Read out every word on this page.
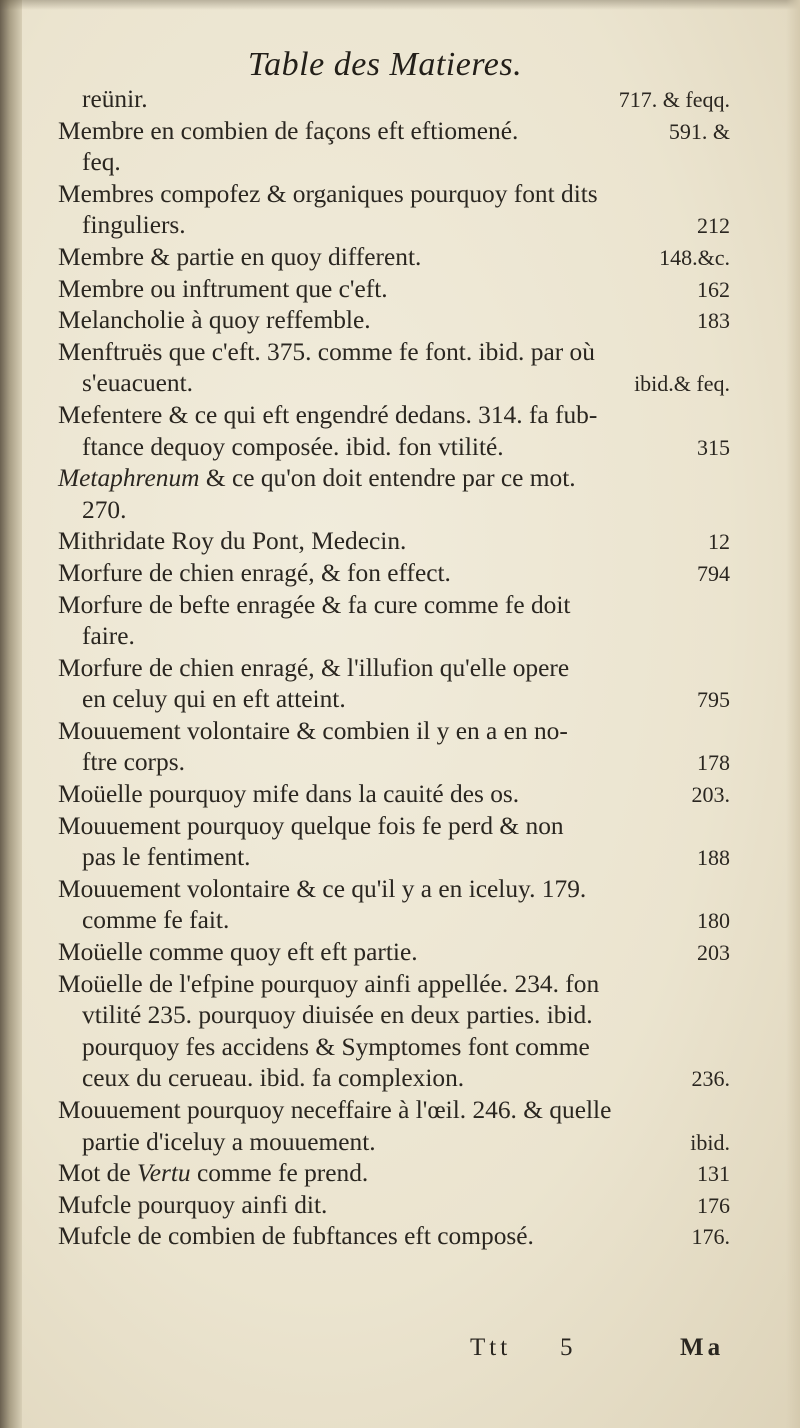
Table des Matieres.
reünir.	717. & feqq.
Membre en combien de façons eft eftiomené.	591. &
feq.
Membres compofez & organiques pourquoy font dits
finguliers.	212
Membre & partie en quoy different.	148.&c.
Membre ou inftrument que c'eft.	162
Melancholie à quoy reffemble.	183
Menftruës que c'eft. 375. comme fe font. ibid. par où
s'euacuent.	ibid.& feq.
Mefentere & ce qui eft engendré dedans. 314. fa fub-
ftance dequoy composée. ibid. fon vtilité.	315
Metaphrenum & ce qu'on doit entendre par ce mot.
270.
Mithridate Roy du Pont, Medecin.	12
Morfure de chien enragé, & fon effect.	794
Morfure de befte enragée & fa cure comme fe doit
faire.
Morfure de chien enragé, & l'illufion qu'elle opere
en celuy qui en eft atteint.	795
Mouuement volontaire & combien il y en a en no-
ftre corps.	178
Moüelle pourquoy mife dans la cauité des os.	203.
Mouuement pourquoy quelque fois fe perd & non
pas le fentiment.	188
Mouuement volontaire & ce qu'il y a en iceluy. 179.
comme fe fait.	180
Moüelle comme quoy eft eft partie.	203
Moüelle de l'efpine pourquoy ainfi appellée. 234. fon
vtilité 235. pourquoy diuisée en deux parties. ibid.
pourquoy fes accidens & Symptomes font comme
ceux du cerueau. ibid. fa complexion.	236.
Mouuement pourquoy neceffaire à l'œil. 246. & quelle
partie d'iceluy a mouuement.	ibid.
Mot de Vertu comme fe prend.	131
Mufcle pourquoy ainfi dit.	176
Mufcle de combien de fubftances eft composé.	176.
Ttt 5	Ma
